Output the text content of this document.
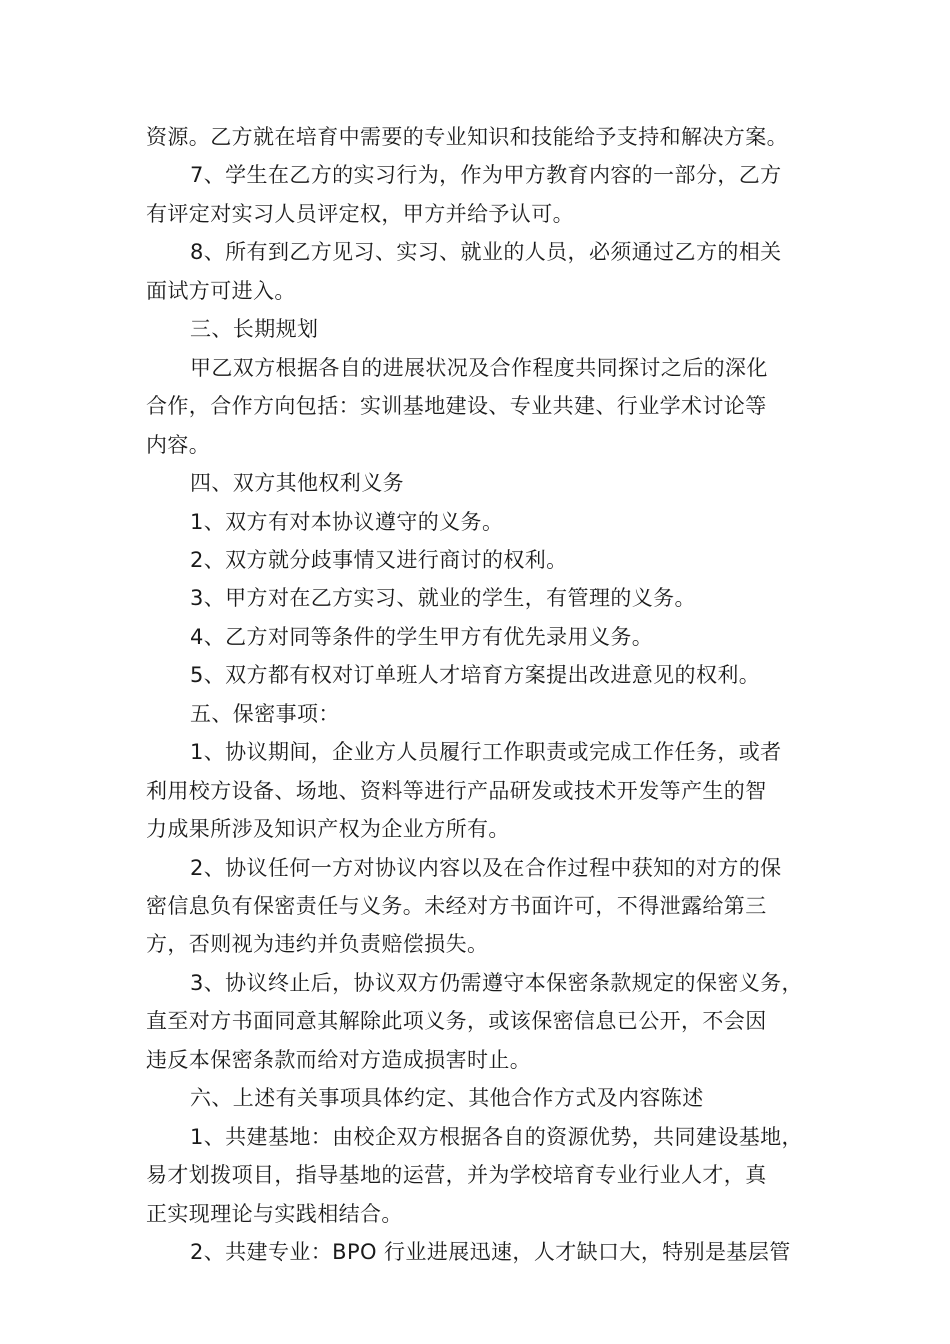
资源。乙方就在培育中需要的专业知识和技能给予支持和解决方案。
7、学生在乙方的实习行为，作为甲方教育内容的一部分，乙方
有评定对实习人员评定权，甲方并给予认可。
8、所有到乙方见习、实习、就业的人员，必须通过乙方的相关
面试方可进入。
三、长期规划
甲乙双方根据各自的进展状况及合作程度共同探讨之后的深化
合作，合作方向包括：实训基地建设、专业共建、行业学术讨论等
内容。
四、双方其他权利义务
1、双方有对本协议遵守的义务。
2、双方就分歧事情又进行商讨的权利。
3、甲方对在乙方实习、就业的学生，有管理的义务。
4、乙方对同等条件的学生甲方有优先录用义务。
5、双方都有权对订单班人才培育方案提出改进意见的权利。
五、保密事项：
1、协议期间，企业方人员履行工作职责或完成工作任务，或者
利用校方设备、场地、资料等进行产品研发或技术开发等产生的智
力成果所涉及知识产权为企业方所有。
2、协议任何一方对协议内容以及在合作过程中获知的对方的保
密信息负有保密责任与义务。未经对方书面许可，不得泄露给第三
方，否则视为违约并负责赔偿损失。
3、协议终止后，协议双方仍需遵守本保密条款规定的保密义务，
直至对方书面同意其解除此项义务，或该保密信息已公开，不会因
违反本保密条款而给对方造成损害时止。
六、上述有关事项具体约定、其他合作方式及内容陈述
1、共建基地：由校企双方根据各自的资源优势，共同建设基地，
易才划拨项目，指导基地的运营，并为学校培育专业行业人才，真
正实现理论与实践相结合。
2、共建专业：BPO 行业进展迅速，人才缺口大，特别是基层管
